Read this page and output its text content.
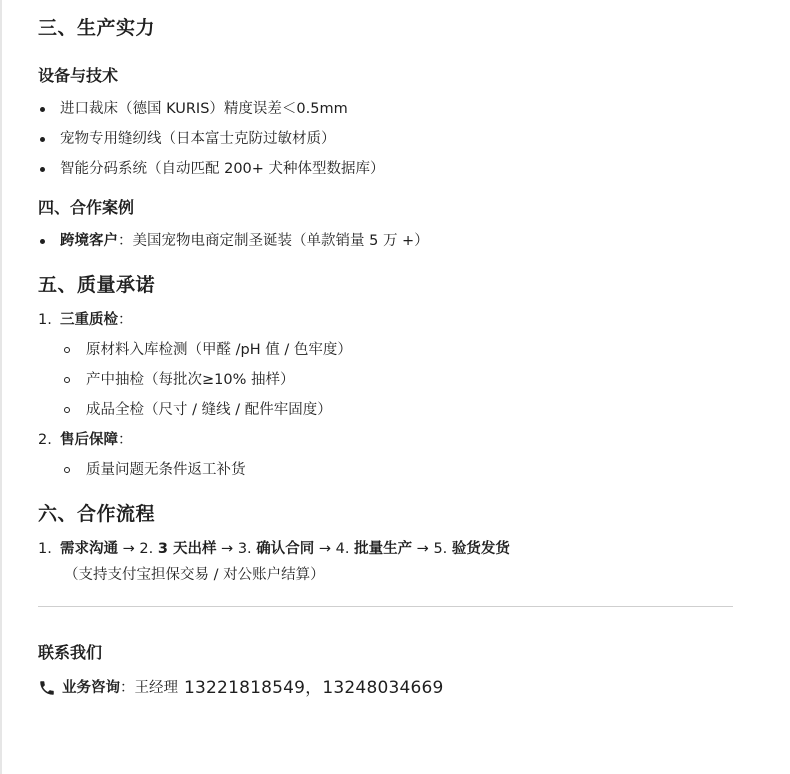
三、生产实力
设备与技术
进口裁床（德国 KURIS）精度误差＜0.5mm
宠物专用缝纫线（日本富士克防过敏材质）
智能分码系统（自动匹配 200+ 犬种体型数据库）
四、合作案例
跨境客户：美国宠物电商定制圣诞装（单款销量 5 万 +）
五、质量承诺
1. 三重质检：
原材料入库检测（甲醛 /pH 值 / 色牢度）
产中抽检（每批次≥10% 抽样）
成品全检（尺寸 / 缝线 / 配件牢固度）
2. 售后保障：
质量问题无条件返工补货
六、合作流程
1. 需求沟通 → 2. 3 天出样 → 3. 确认合同 → 4. 批量生产 → 5. 验货发货
（支持支付宝担保交易 / 对公账户结算）
联系我们
业务咨询 ： 王经理 13221818549，13248034669
